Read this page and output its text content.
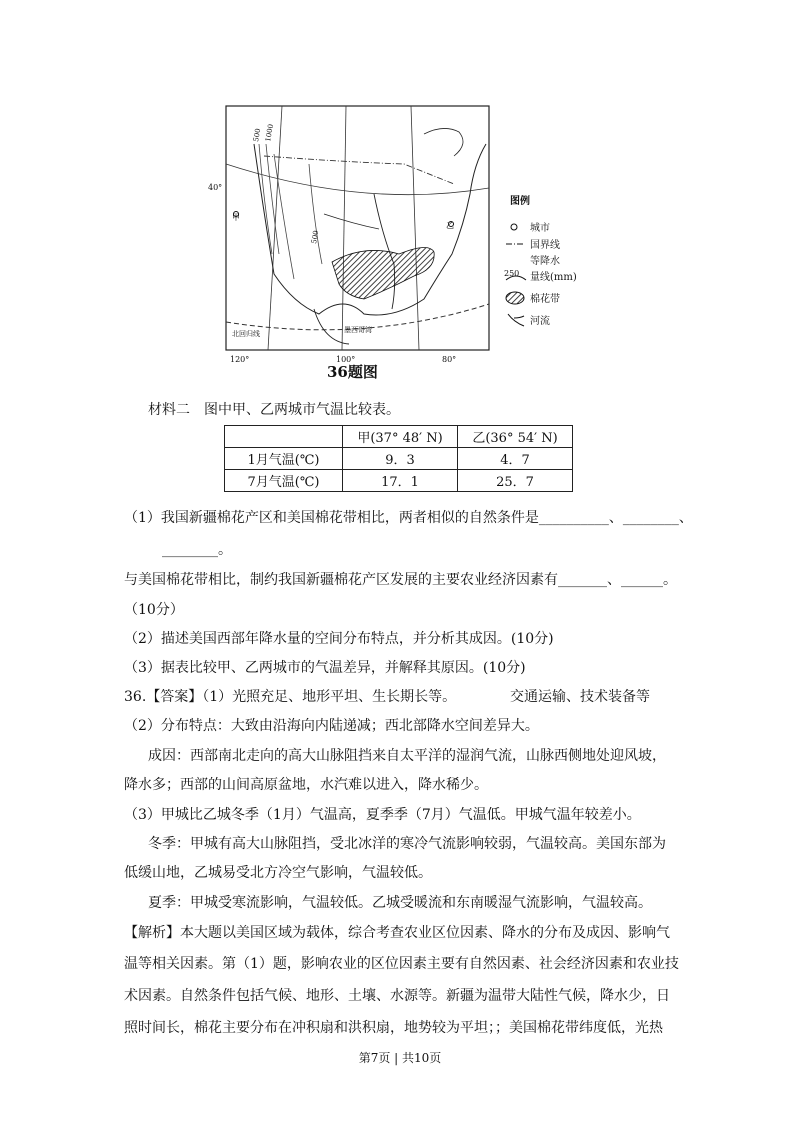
40°
120°	100°	80°
甲
乙
北回归线	墨西哥湾
500 1000
500
图例
城市
国界线
等降水
250 量线(mm)
棉花带
河流
36题图
材料二　图中甲、乙两城市气温比较表。
	甲(37° 48′ N)	乙(36° 54′ N)
1月气温(℃)	9．3	4．7
7月气温(℃)	17．1	25．7
（1）我国新疆棉花产区和美国棉花带相比，两者相似的自然条件是__________、________、
________。
与美国棉花带相比，制约我国新疆棉花产区发展的主要农业经济因素有_______、______。
（10分）
（2）描述美国西部年降水量的空间分布特点，并分析其成因。(10分)
（3）据表比较甲、乙两城市的气温差异，并解释其原因。(10分)
36.【答案】（1）光照充足、地形平坦、生长期长等。	交通运输、技术装备等
（2）分布特点：大致由沿海向内陆递减；西北部降水空间差异大。
成因：西部南北走向的高大山脉阻挡来自太平洋的湿润气流，山脉西侧地处迎风坡，
降水多；西部的山间高原盆地，水汽难以进入，降水稀少。
（3）甲城比乙城冬季（1月）气温高，夏季季（7月）气温低。甲城气温年较差小。
冬季：甲城有高大山脉阻挡，受北冰洋的寒冷气流影响较弱，气温较高。美国东部为
低缓山地，乙城易受北方冷空气影响，气温较低。
夏季：甲城受寒流影响，气温较低。乙城受暖流和东南暖湿气流影响，气温较高。
【解析】本大题以美国区域为载体，综合考查农业区位因素、降水的分布及成因、影响气
温等相关因素。第（1）题，影响农业的区位因素主要有自然因素、社会经济因素和农业技
术因素。自然条件包括气候、地形、土壤、水源等。新疆为温带大陆性气候，降水少，日
照时间长，棉花主要分布在冲积扇和洪积扇，地势较为平坦；；美国棉花带纬度低，光热
第7页 | 共10页
